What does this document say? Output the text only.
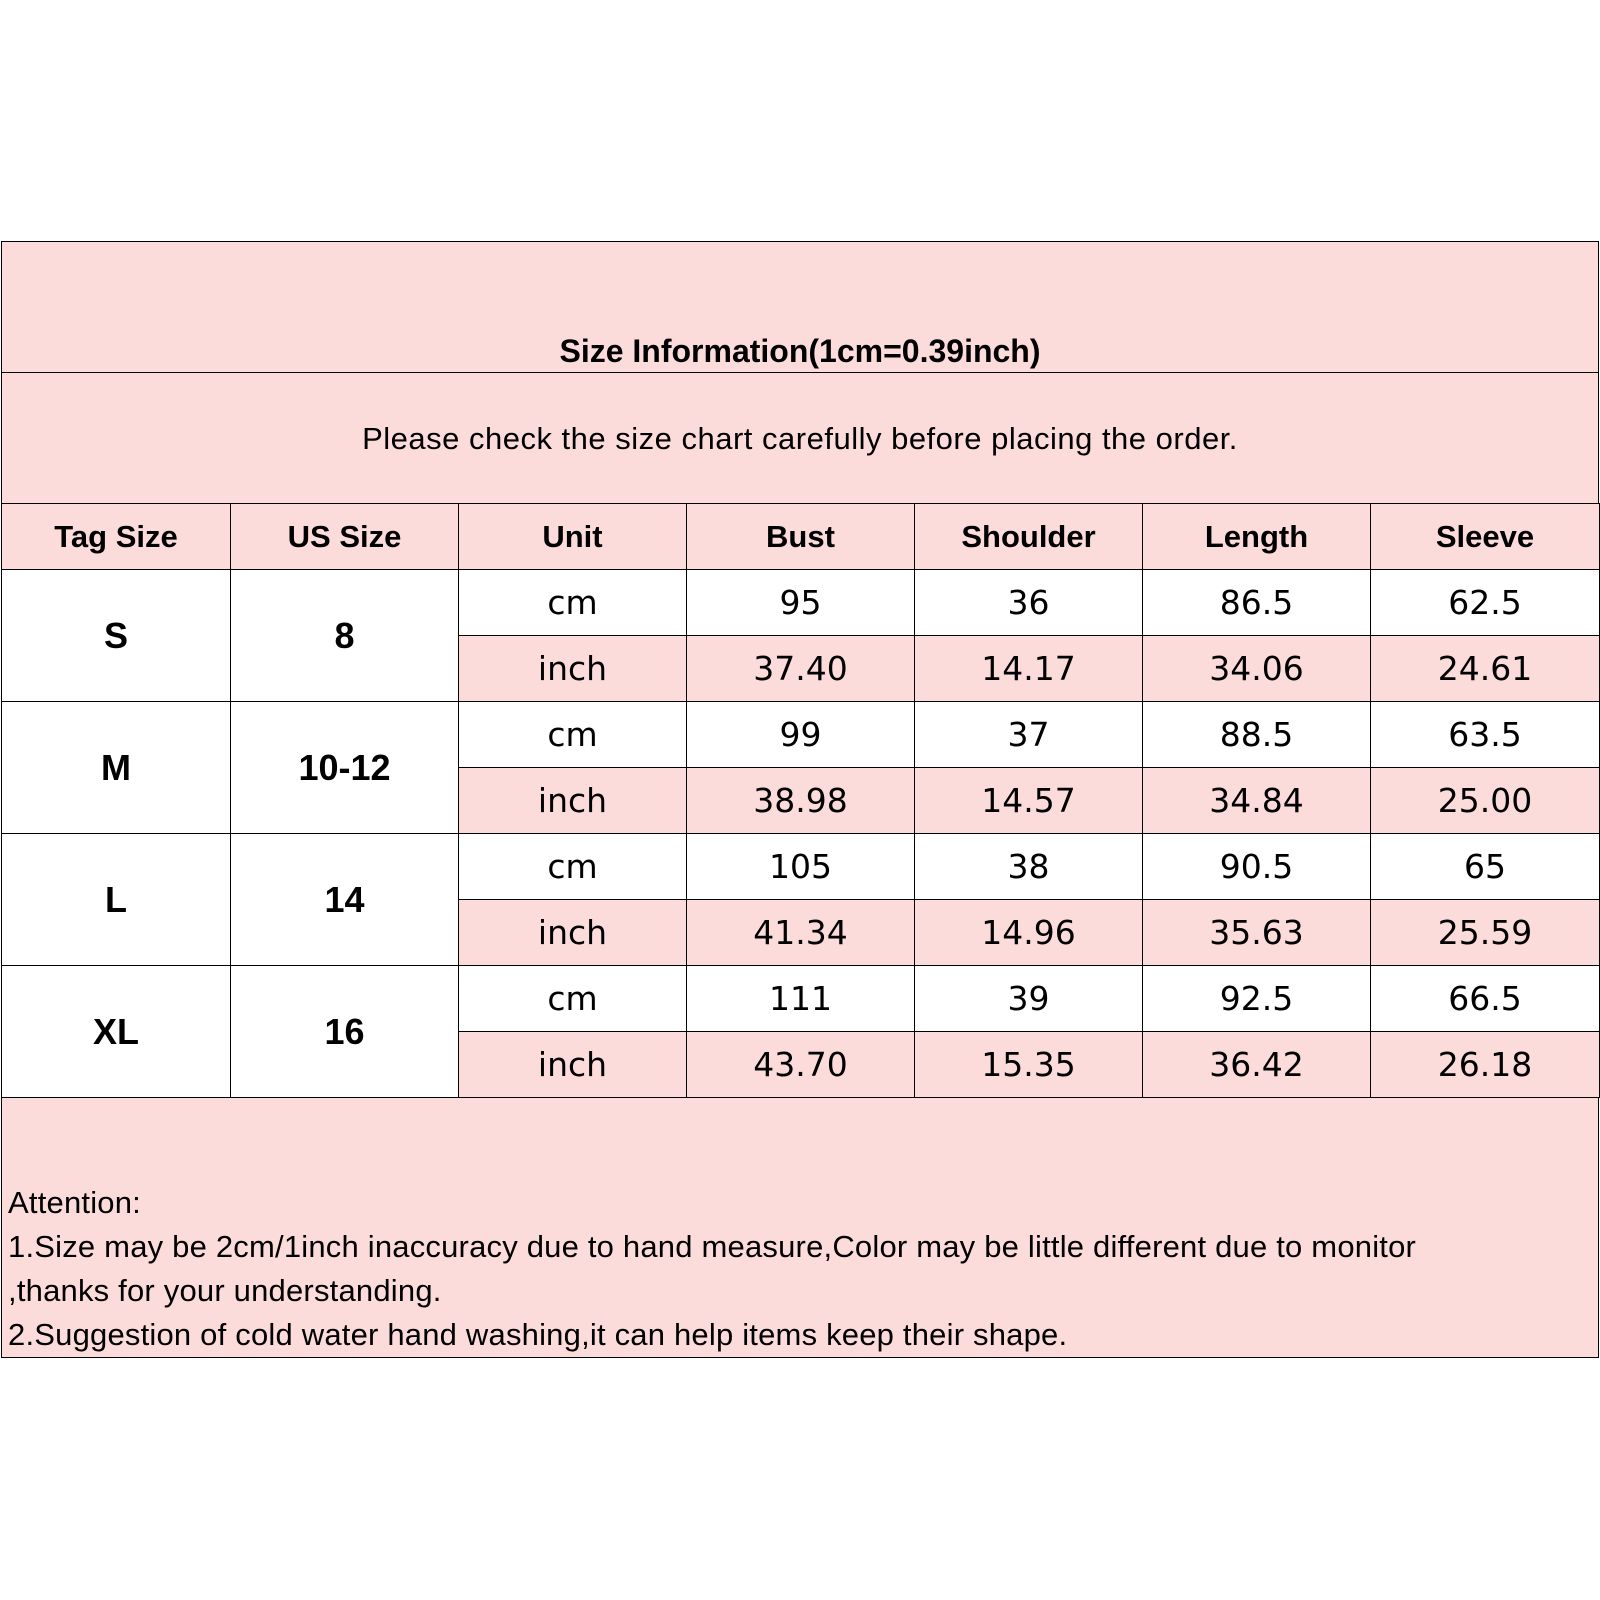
Size Information(1cm=0.39inch)
Please check the size chart carefully before placing the order.
Tag Size	US Size	Unit	Bust	Shoulder	Length	Sleeve
S	8	cm	95	36	86.5	62.5
		inch	37.40	14.17	34.06	24.61
M	10-12	cm	99	37	88.5	63.5
		inch	38.98	14.57	34.84	25.00
L	14	cm	105	38	90.5	65
		inch	41.34	14.96	35.63	25.59
XL	16	cm	111	39	92.5	66.5
		inch	43.70	15.35	36.42	26.18
Attention:
1.Size may be 2cm/1inch inaccuracy due to hand measure,Color may be little different due to monitor
,thanks for your understanding.
2.Suggestion of cold water hand washing,it can help items keep their shape.
